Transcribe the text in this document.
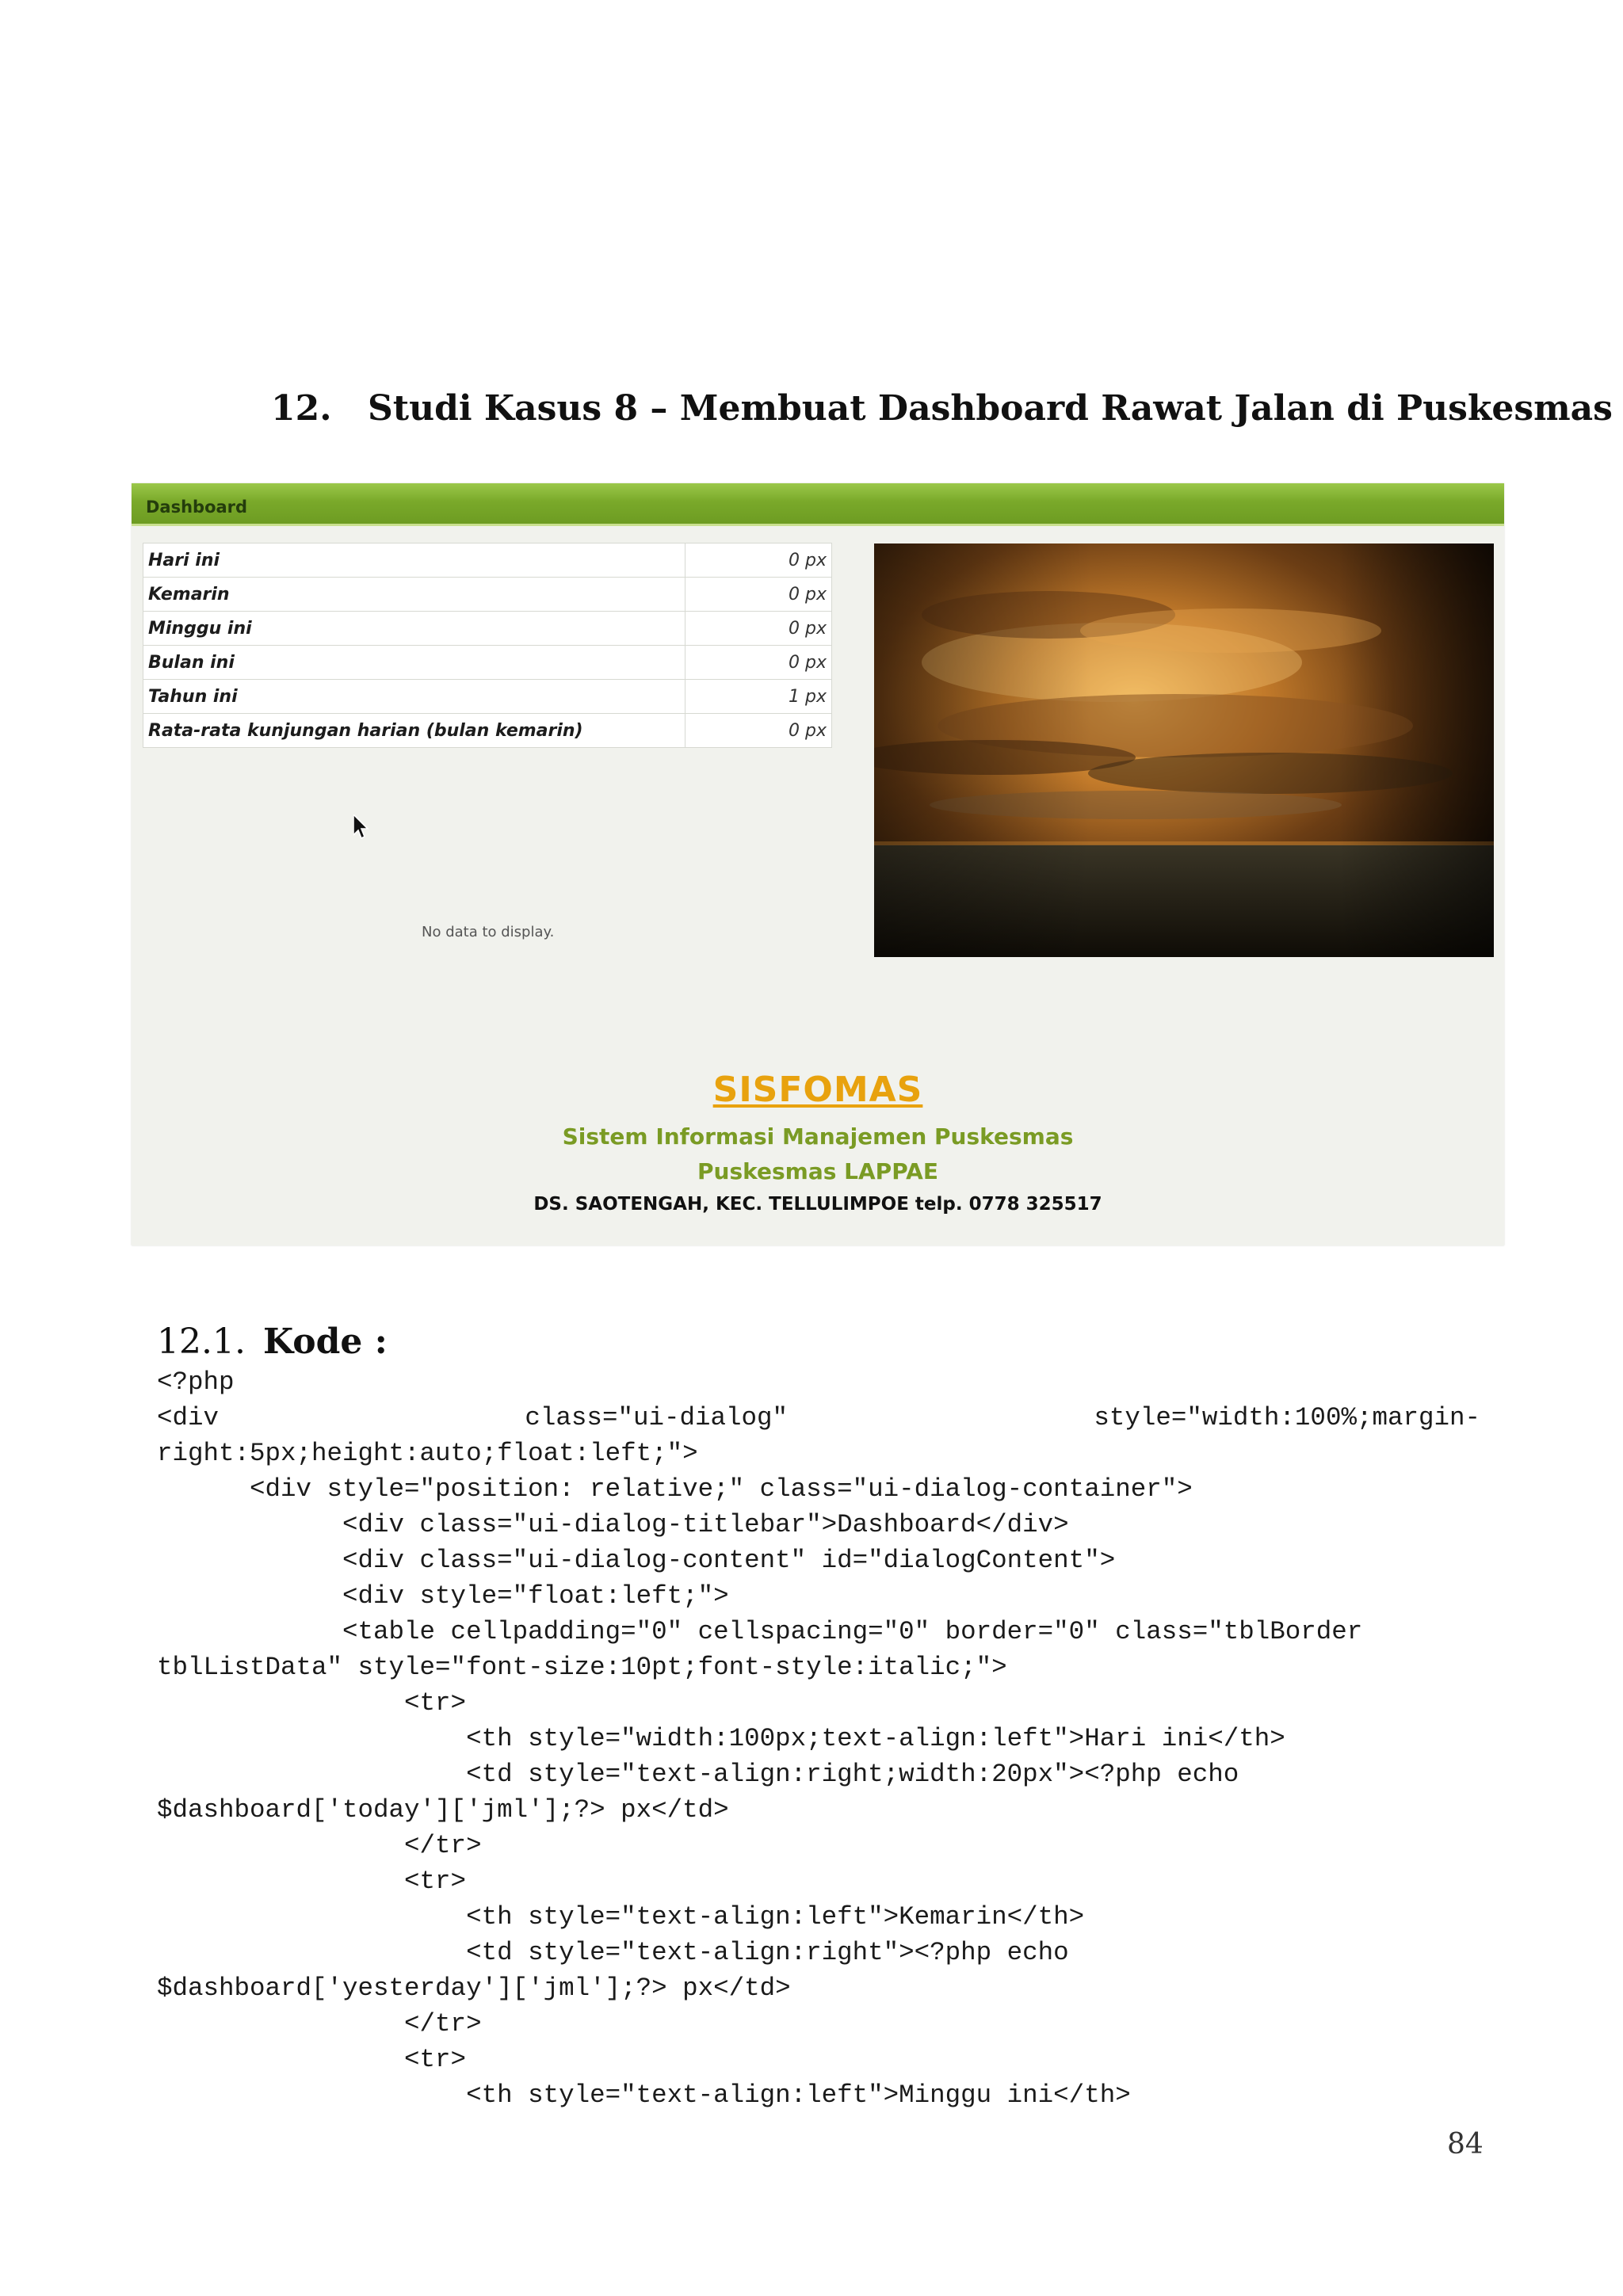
12. Studi Kasus 8 – Membuat Dashboard Rawat Jalan di Puskesmas
Dashboard
Hari ini	0 px
Kemarin	0 px
Minggu ini	0 px
Bulan ini	0 px
Tahun ini	1 px
Rata-rata kunjungan harian (bulan kemarin)	0 px
No data to display.
SISFOMAS
Sistem Informasi Manajemen Puskesmas
Puskesmas LAPPAE
DS. SAOTENGAH, KEC. TELLULIMPOE telp. 0778 325517
12.1. Kode :
<?php
<div	class="ui-dialog"	style="width:100%;margin-
right:5px;height:auto;float:left;">
<div style="position: relative;" class="ui-dialog-container">
<div class="ui-dialog-titlebar">Dashboard</div>
<div class="ui-dialog-content" id="dialogContent">
<div style="float:left;">
<table cellpadding="0" cellspacing="0" border="0" class="tblBorder
tblListData" style="font-size:10pt;font-style:italic;">
<tr>
<th style="width:100px;text-align:left">Hari ini</th>
<td style="text-align:right;width:20px"><?php echo
$dashboard['today']['jml'];?> px</td>
</tr>
<tr>
<th style="text-align:left">Kemarin</th>
<td style="text-align:right"><?php echo
$dashboard['yesterday']['jml'];?> px</td>
</tr>
<tr>
<th style="text-align:left">Minggu ini</th>
84
